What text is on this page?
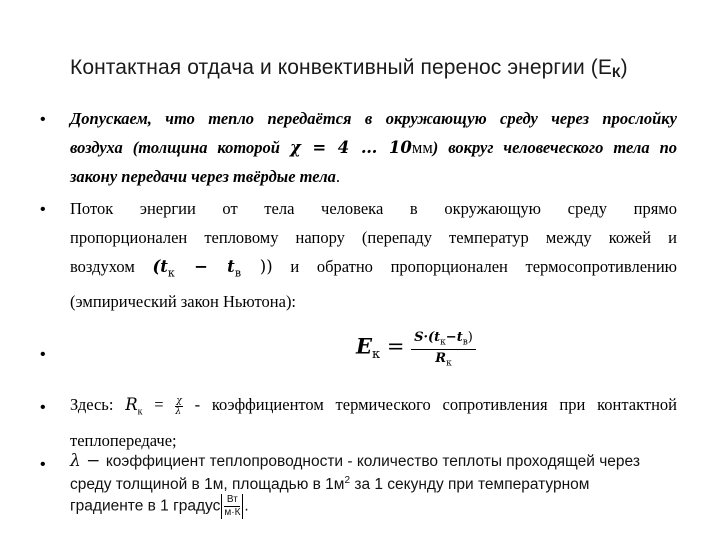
Контактная отдача и конвективный перенос энергии $(Е_К)$
• Допускаем, что тепло передаётся в окружающую среду через прослойку
воздуха (толщина которой χ = 4 … 10мм) вокруг человеческого тела по
закону передачи через твёрдые тела.
• Поток энергии от тела человека в окружающую среду прямо
пропорционален тепловому напору (перепаду температур между кожей и
воздухом ($t_к - t_в$ )) и обратно пропорционален термосопротивлению
(эмпирический закон Ньютона):
•	$E_к = \frac{S\cdot(t_к-t_в)}{R_к}$
• Здесь: $R_к = \frac{\chi}{\lambda}$ - коэффициентом термического сопротивления при контактной
теплопередаче;
• λ − коэффициент теплопроводности - количество теплоты проходящей через
среду толщиной в 1м, площадью в $1м^2$ за 1 секунду при температурном
градиенте в 1 градус Вт
м·К .
